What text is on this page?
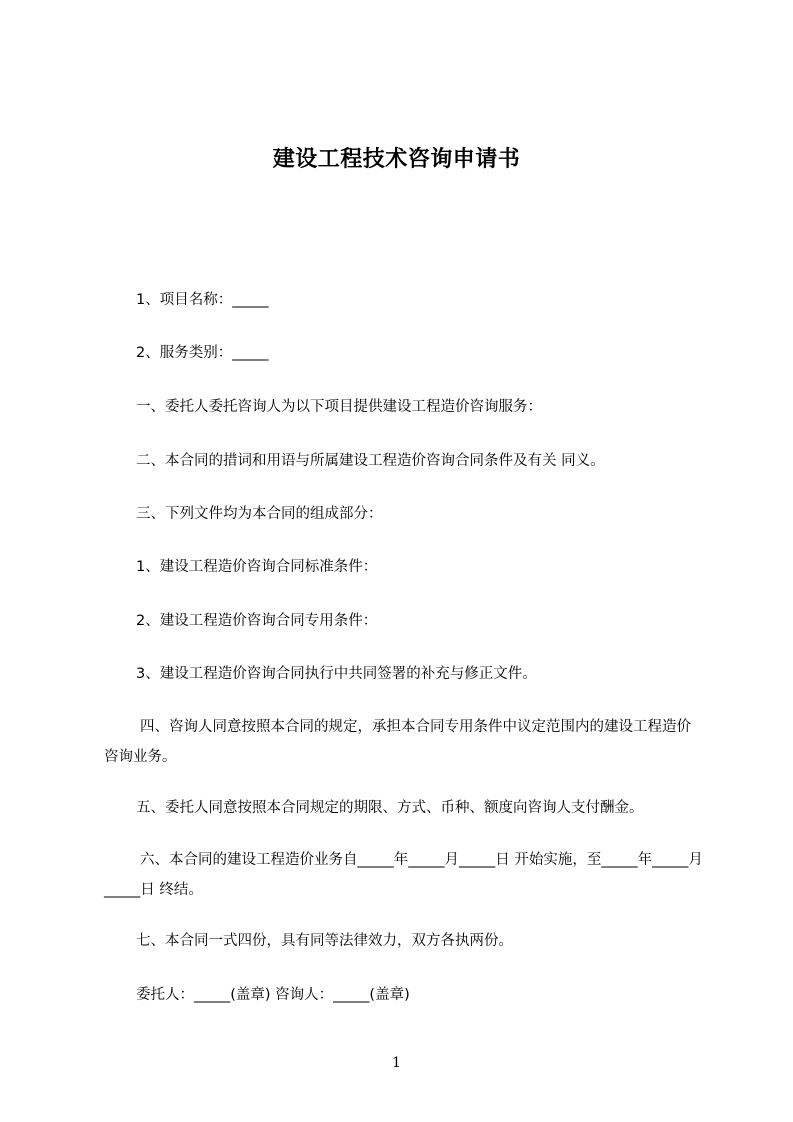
建设工程技术咨询申请书
1、项目名称：_____
2、服务类别：_____
一、委托人委托咨询人为以下项目提供建设工程造价咨询服务：
二、本合同的措词和用语与所属建设工程造价咨询合同条件及有关 同义。
三、下列文件均为本合同的组成部分：
1、建设工程造价咨询合同标准条件：
2、建设工程造价咨询合同专用条件：
3、建设工程造价咨询合同执行中共同签署的补充与修正文件。
四、咨询人同意按照本合同的规定，承担本合同专用条件中议定范围内的建设工程造价咨询业务。
五、委托人同意按照本合同规定的期限、方式、币种、额度向咨询人支付酬金。
六、本合同的建设工程造价业务自_____年_____月_____日 开始实施，至_____年_____月_____日 终结。
七、本合同一式四份，具有同等法律效力，双方各执两份。
委托人：_____(盖章) 咨询人：_____(盖章)
1
